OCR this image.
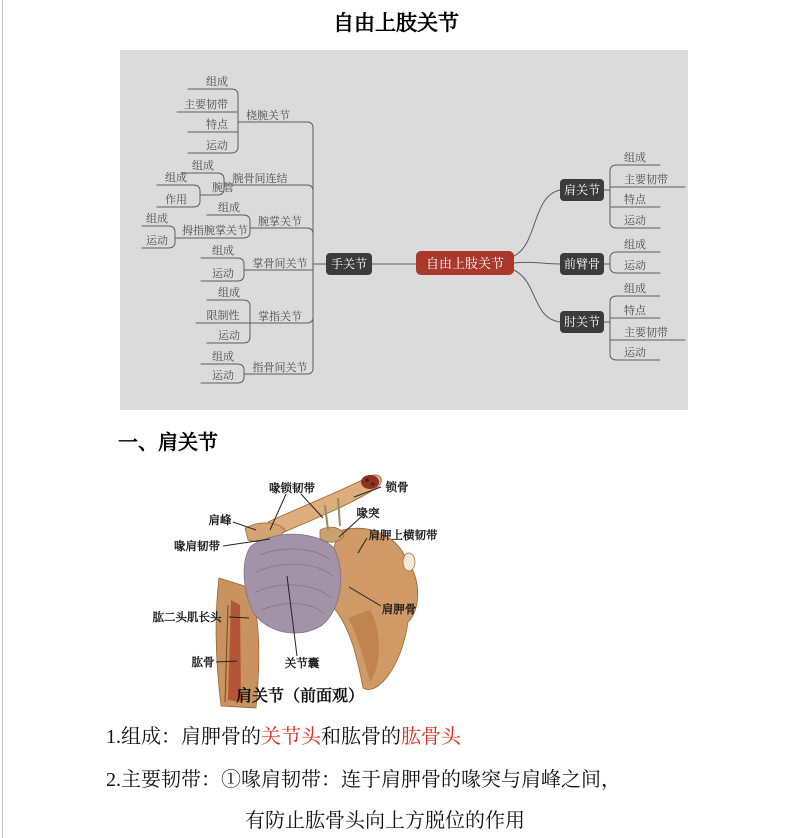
自由上肢关节
手关节	自由上肢关节
肩关节
前臂骨
肘关节
桡腕关节
腕骨间连结
腕掌关节
掌骨间关节
掌指关节
指骨间关节
组成
主要韧带
特点
运动
组成
腕管
组成
作用
组成
拇指腕掌关节
组成
运动
组成
运动
组成
限制性
运动
组成
运动
组成
主要韧带
特点
运动
组成
运动
组成
特点
主要韧带
运动
一、肩关节
喙锁韧带	锁骨
肩峰	喙突
肩胛上横韧带
喙肩韧带
肱二头肌长头
肩胛骨
肱骨	关节囊
肩关节（前面观）
1.组成：肩胛骨的关节头和肱骨的肱骨头
2.主要韧带：①喙肩韧带：连于肩胛骨的喙突与肩峰之间，
有防止肱骨头向上方脱位的作用
